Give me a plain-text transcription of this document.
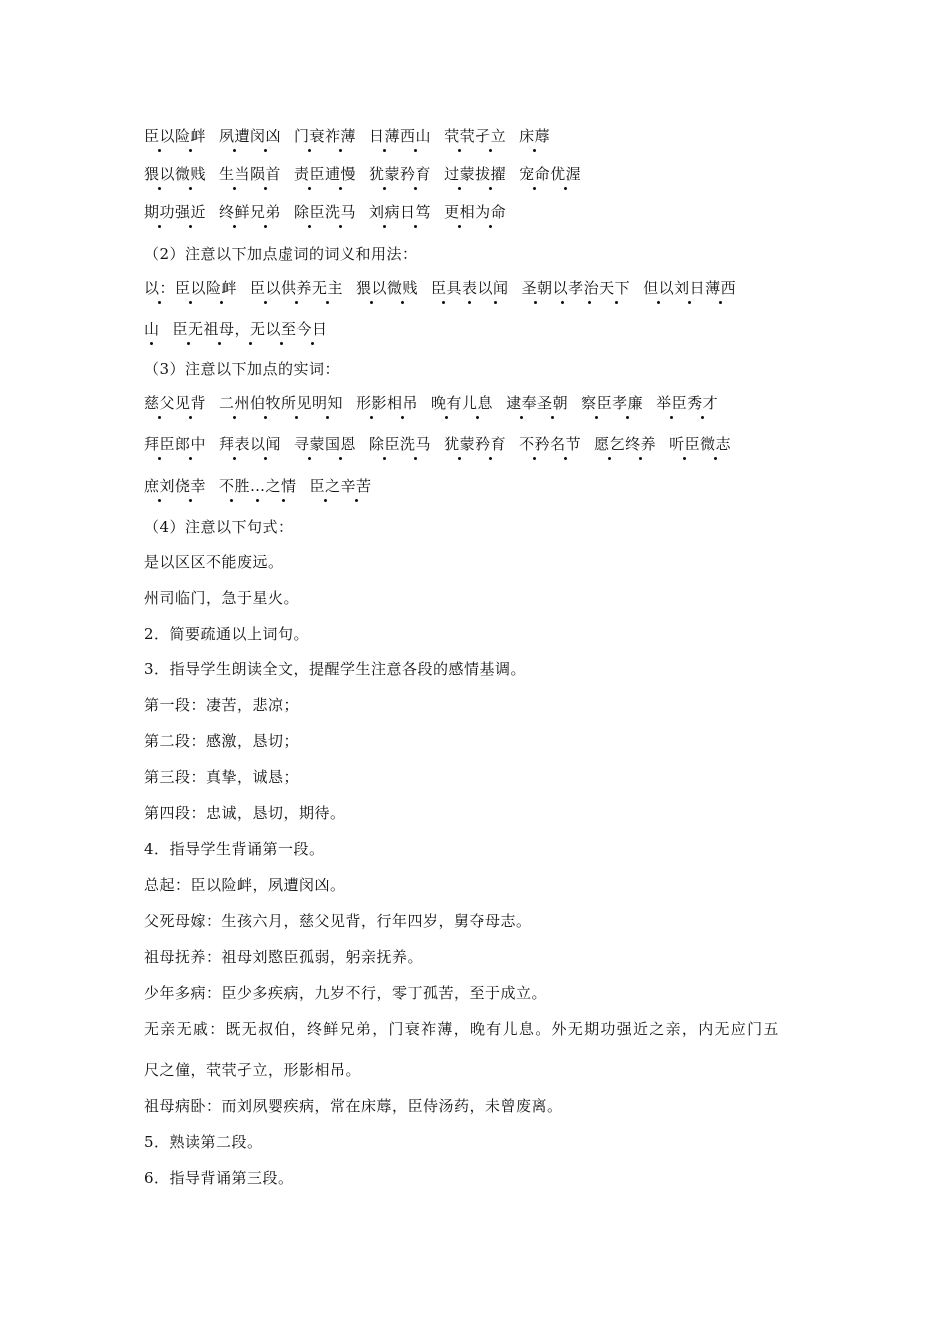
臣以险衅 夙遭闵凶 门衰祚薄 日薄西山 茕茕孑立 床蓐
猥以微贱 生当陨首 责臣逋慢 犹蒙矜育 过蒙拔擢 宠命优渥
期功强近 终鲜兄弟 除臣洗马 刘病日笃 更相为命
（2）注意以下加点虚词的词义和用法：
以：臣以险衅 臣以供养无主 猥以微贱 臣具表以闻 圣朝以孝治天下 但以刘日薄西
山 臣无祖母，无以至今日
（3）注意以下加点的实词：
慈父见背 二州伯牧所见明知 形影相吊 晚有儿息 逮奉圣朝 察臣孝廉 举臣秀才
拜臣郎中 拜表以闻 寻蒙国恩 除臣洗马 犹蒙矜育 不矜名节 愿乞终养 听臣微志
庶刘侥幸 不胜…之情 臣之辛苦
（4）注意以下句式：
是以区区不能废远。
州司临门，急于星火。
2．简要疏通以上词句。
3．指导学生朗读全文，提醒学生注意各段的感情基调。
第一段：凄苦，悲凉；
第二段：感激，恳切；
第三段：真挚，诚恳；
第四段：忠诚，恳切，期待。
4．指导学生背诵第一段。
总起：臣以险衅，夙遭闵凶。
父死母嫁：生孩六月，慈父见背，行年四岁，舅夺母志。
祖母抚养：祖母刘愍臣孤弱，躬亲抚养。
少年多病：臣少多疾病，九岁不行，零丁孤苦，至于成立。
无亲无戚：既无叔伯，终鲜兄弟，门衰祚薄，晚有儿息。外无期功强近之亲，内无应门五
尺之僮，茕茕孑立，形影相吊。
祖母病卧：而刘夙婴疾病，常在床蓐，臣侍汤药，未曾废离。
5．熟读第二段。
6．指导背诵第三段。
